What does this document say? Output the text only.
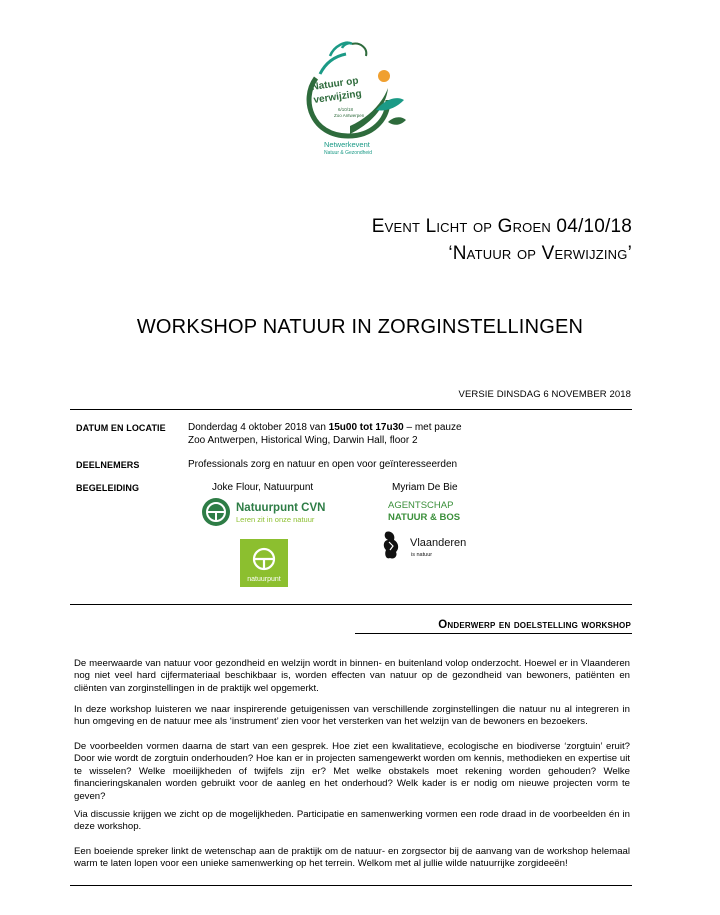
Natuur op
verwijzing
6/10/18
Zoo Antwerpen
Netwerkevent
Natuur & Gezondheid
Event Licht op Groen 04/10/18
‘Natuur op Verwijzing’
WORKSHOP NATUUR IN ZORGINSTELLINGEN
VERSIE DINSDAG 6 NOVEMBER 2018
DATUM EN LOCATIE Donderdag 4 oktober 2018 van 15u00 tot 17u30 – met pauze
Zoo Antwerpen, Historical Wing, Darwin Hall, floor 2
DEELNEMERS	Professionals zorg en natuur en open voor geïnteresseerden
BEGELEIDING	Joke Flour, Natuurpunt	Myriam De Bie
Natuurpunt CVN
Leren zit in onze natuur
natuurpunt
AGENTSCHAP
NATUUR & BOS
Vlaanderen
is natuur
Onderwerp en doelstelling workshop
De meerwaarde van natuur voor gezondheid en welzijn wordt in binnen- en buitenland volop onderzocht. Hoewel er in Vlaanderen nog niet veel hard cijfermateriaal beschikbaar is, worden effecten van natuur op de gezondheid van bewoners, patiënten en cliënten van zorginstellingen in de praktijk wel opgemerkt.
In deze workshop luisteren we naar inspirerende getuigenissen van verschillende zorginstellingen die natuur nu al integreren in hun omgeving en de natuur mee als ‘instrument’ zien voor het versterken van het welzijn van de bewoners en bezoekers.
De voorbeelden vormen daarna de start van een gesprek. Hoe ziet een kwalitatieve, ecologische en biodiverse ‘zorgtuin’ eruit? Door wie wordt de zorgtuin onderhouden? Hoe kan er in projecten samengewerkt worden om kennis, methodieken en expertise uit te wisselen? Welke moeilijkheden of twijfels zijn er? Met welke obstakels moet rekening worden gehouden? Welke financieringskanalen worden gebruikt voor de aanleg en het onderhoud? Welk kader is er nodig om nieuwe projecten vorm te geven?
Via discussie krijgen we zicht op de mogelijkheden. Participatie en samenwerking vormen een rode draad in de voorbeelden én in deze workshop.
Een boeiende spreker linkt de wetenschap aan de praktijk om de natuur- en zorgsector bij de aanvang van de workshop helemaal warm te laten lopen voor een unieke samenwerking op het terrein. Welkom met al jullie wilde natuurrijke zorgideeën!
